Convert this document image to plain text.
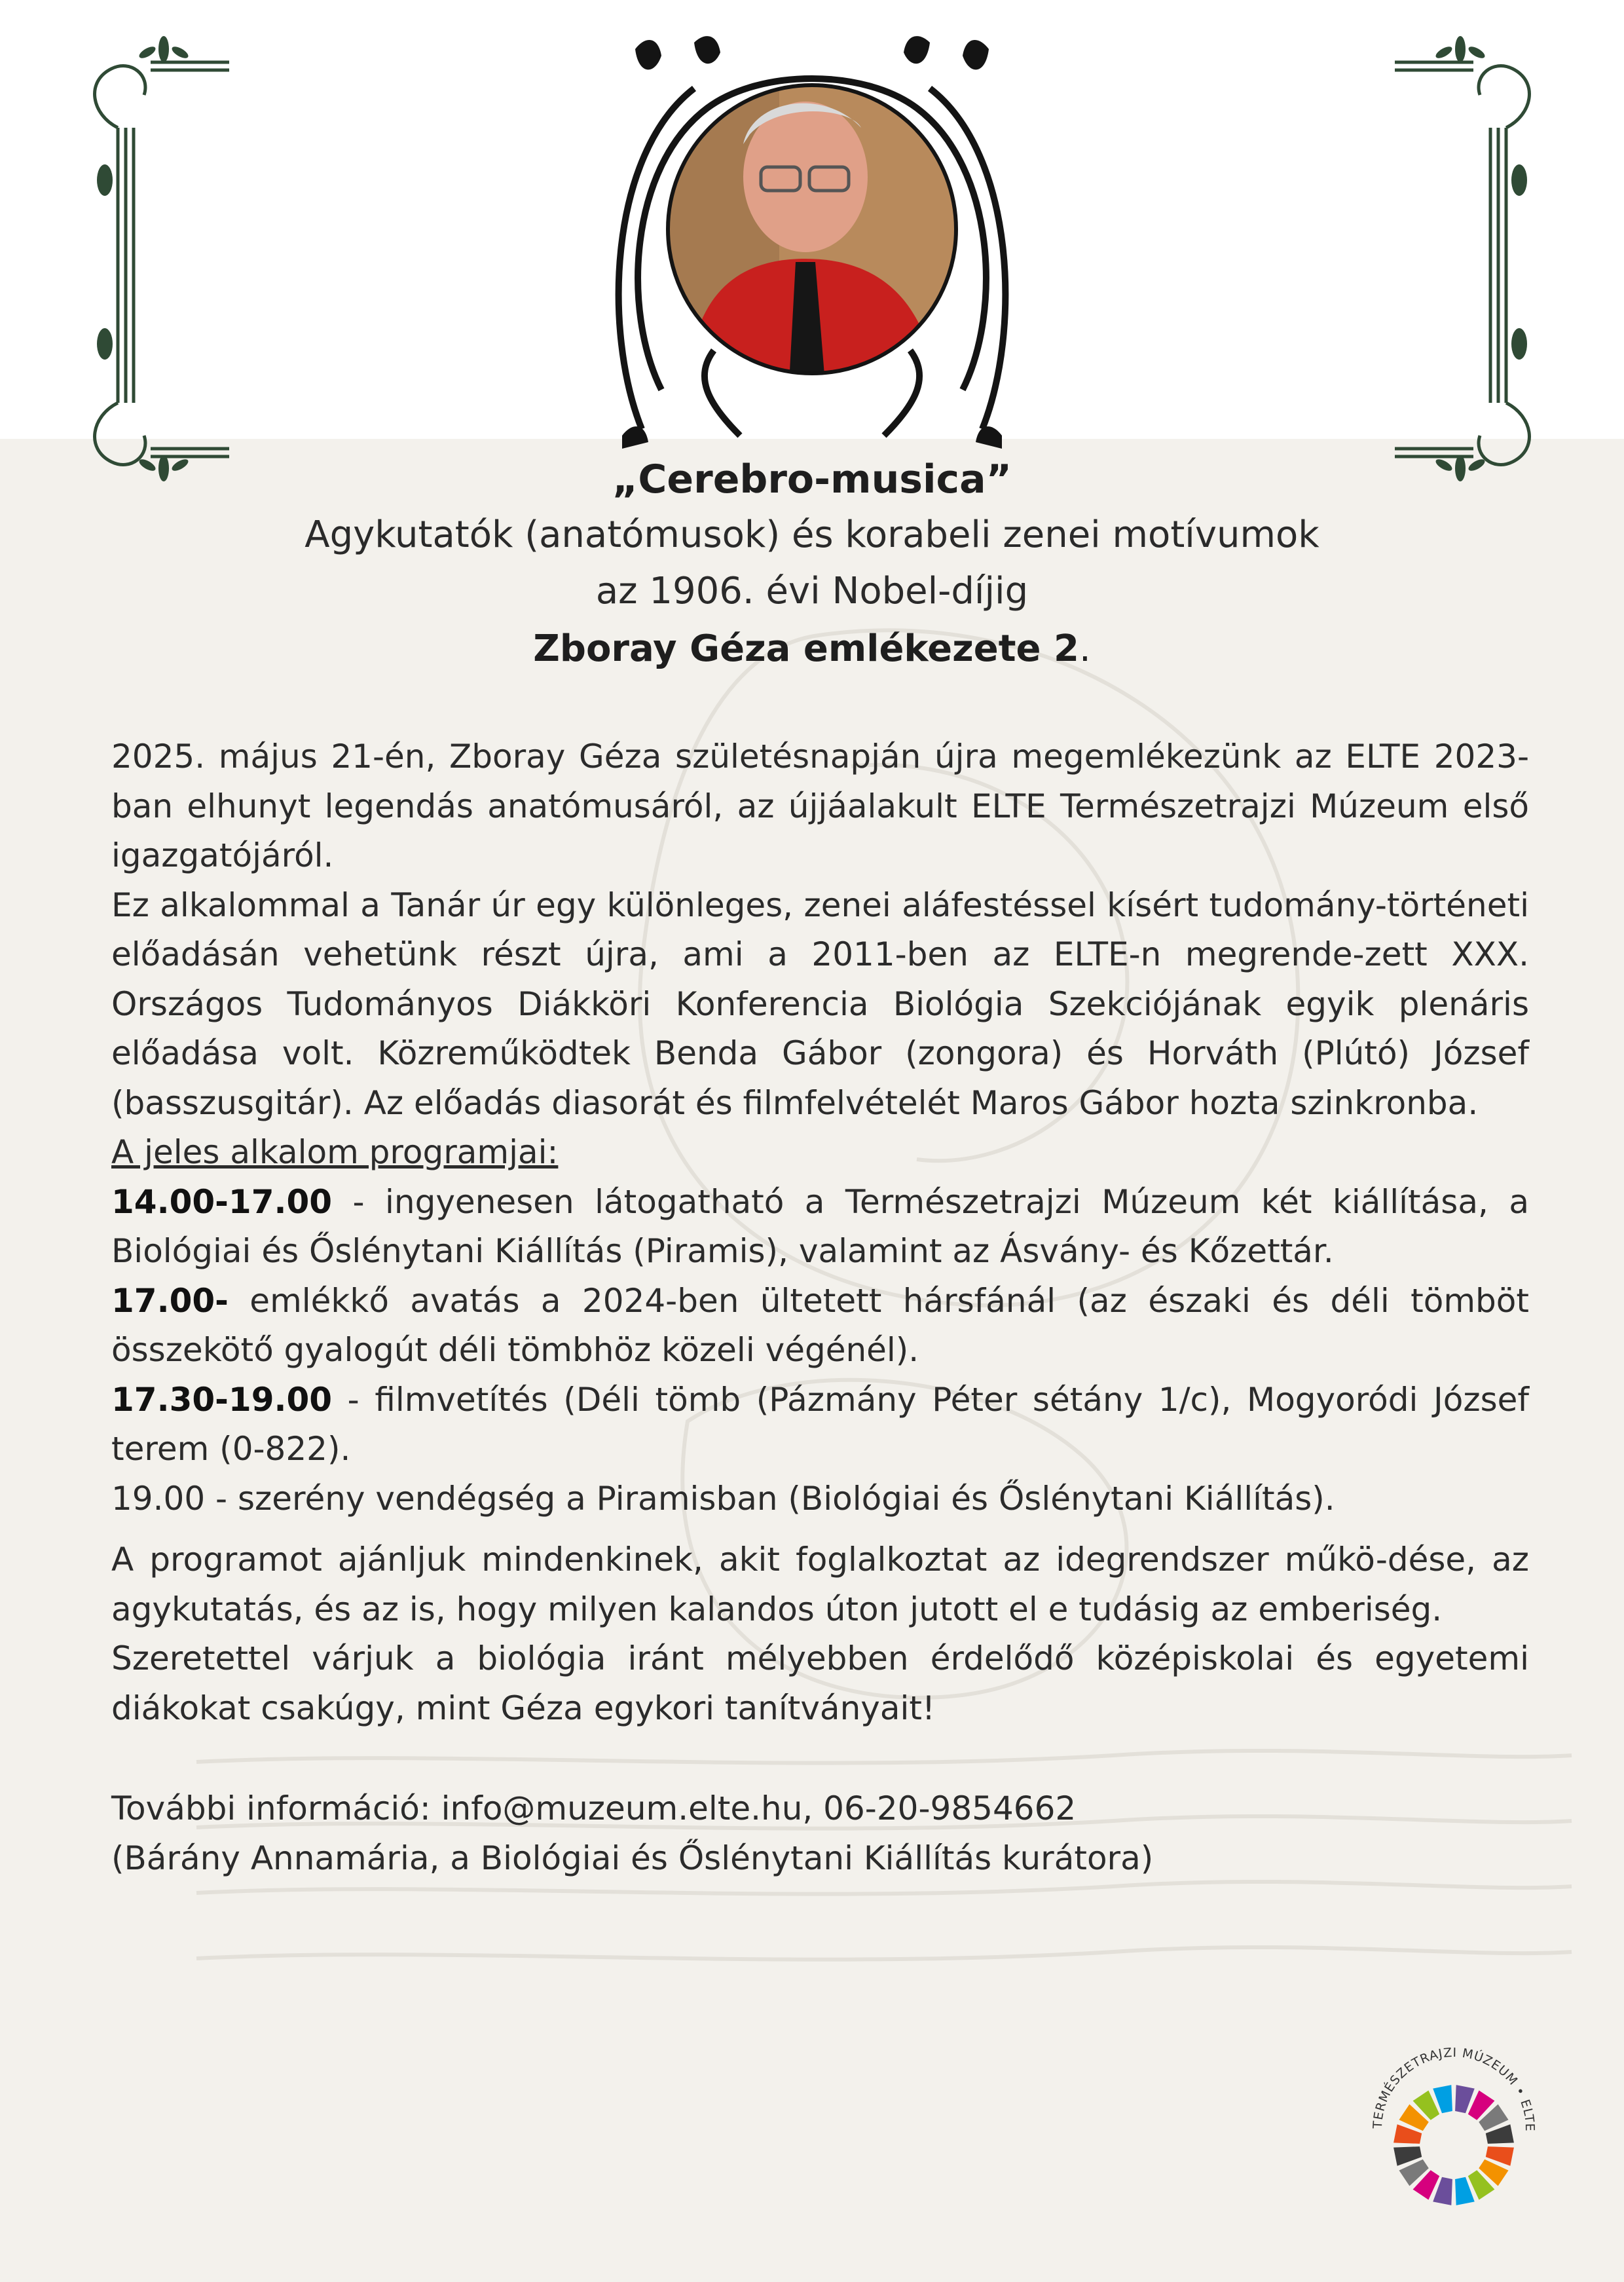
„Cerebro-musica”
Agykutatók (anatómusok) és korabeli zenei motívumok
az 1906. évi Nobel-díjig
Zboray Géza emlékezete 2.

2025. május 21-én, Zboray Géza születésnapján újra megemlékezünk az ELTE 2023-ban elhunyt legendás anatómusáról, az újjáalakult ELTE Természetrajzi Múzeum első igazgatójáról.

Ez alkalommal a Tanár úr egy különleges, zenei aláfestéssel kísért tudomány-történeti előadásán vehetünk részt újra, ami a 2011-ben az ELTE-n megrende-zett XXX. Országos Tudományos Diákköri Konferencia Biológia Szekciójának egyik plenáris előadása volt. Közreműködtek Benda Gábor (zongora) és Horváth (Plútó) József (basszusgitár). Az előadás diasorát és filmfelvételét Maros Gábor hozta szinkronba.

A jeles alkalom programjai:

14.00-17.00 - ingyenesen látogatható a Természetrajzi Múzeum két kiállítása, a Biológiai és Őslénytani Kiállítás (Piramis), valamint az Ásvány- és Kőzettár.

17.00- emlékkő avatás a 2024-ben ültetett hársfánál (az északi és déli tömböt összekötő gyalogút déli tömbhöz közeli végénél).

17.30-19.00 - filmvetítés (Déli tömb (Pázmány Péter sétány 1/c), Mogyoródi József terem (0-822).

19.00 - szerény vendégség a Piramisban (Biológiai és Őslénytani Kiállítás).

A programot ajánljuk mindenkinek, akit foglalkoztat az idegrendszer műkö-dése, az agykutatás, és az is, hogy milyen kalandos úton jutott el e tudásig az emberiség.

Szeretettel várjuk a biológia iránt mélyebben érdelődő középiskolai és egyetemi diákokat csakúgy, mint Géza egykori tanítványait!

További információ: info@muzeum.elte.hu, 06-20-9854662

(Bárány Annamária, a Biológiai és Őslénytani Kiállítás kurátora)

TERMÉSZETRAJZI MÚZEUM • ELTE
